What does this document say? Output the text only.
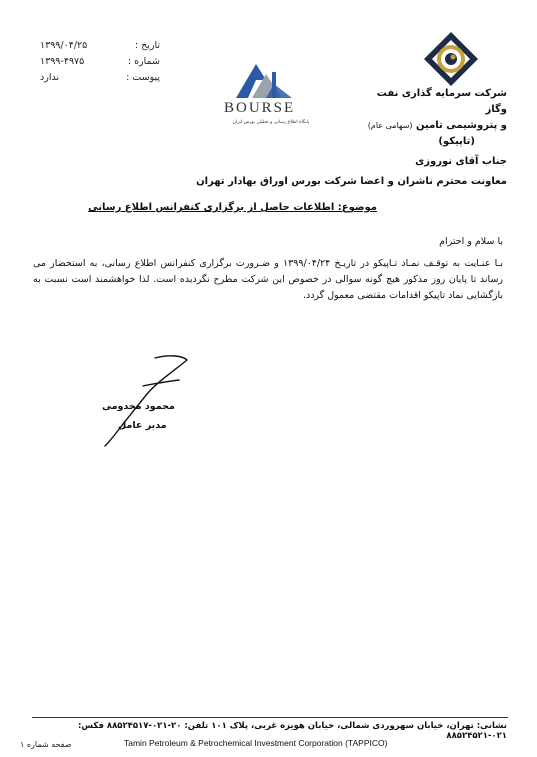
تاریخ :
۱۳۹۹/۰۴/۲۵
شماره :
۱۳۹۹-۴۹۷۵
پیوست :
ندارد
BOURSE
پایگاه اطلاع رسانی و تحلیلی بورس ایران
شرکت سرمایه گذاری نفت وگاز
و پتروشیمی تامین (سهامی عام)
(تاپیکو)
جناب آقای نوروزی
معاونت محترم ناشران و اعضا شرکت بورس اوراق بهادار تهران
موضوع: اطلاعات حاصل از برگزاری کنفرانس اطلاع رسانی

با سلام و احترام

بـا عنـایت به توقـف نمـاد تـاپیکو در تاریـخ ۱۳۹۹/۰۴/۲۴ و ضـرورت برگزاری کنفرانس اطلاع رسانی، به استحضار می رساند تا پایان روز مذکور هیچ گونه سوالی در خصوص این شرکت مطرح نگردیده است. لذا خواهشمند است نسبت به بازگشایی نماد تاپیکو اقدامات مقتضی معمول گردد.

محمود مخدومی
مدیر عامل
نشانی: تهران، خیابان سهروردی شمالی، خیابان هویزه غربی، پلاک ۱۰۱ تلفن: ۲۰-۰۲۱-۸۸۵۲۴۵۱۷ فکس: ۰۲۱-۸۸۵۲۴۵۲۱
Tamin Petroleum & Petrochemical Investment Corporation (TAPPICO)
صفحه شماره ۱
